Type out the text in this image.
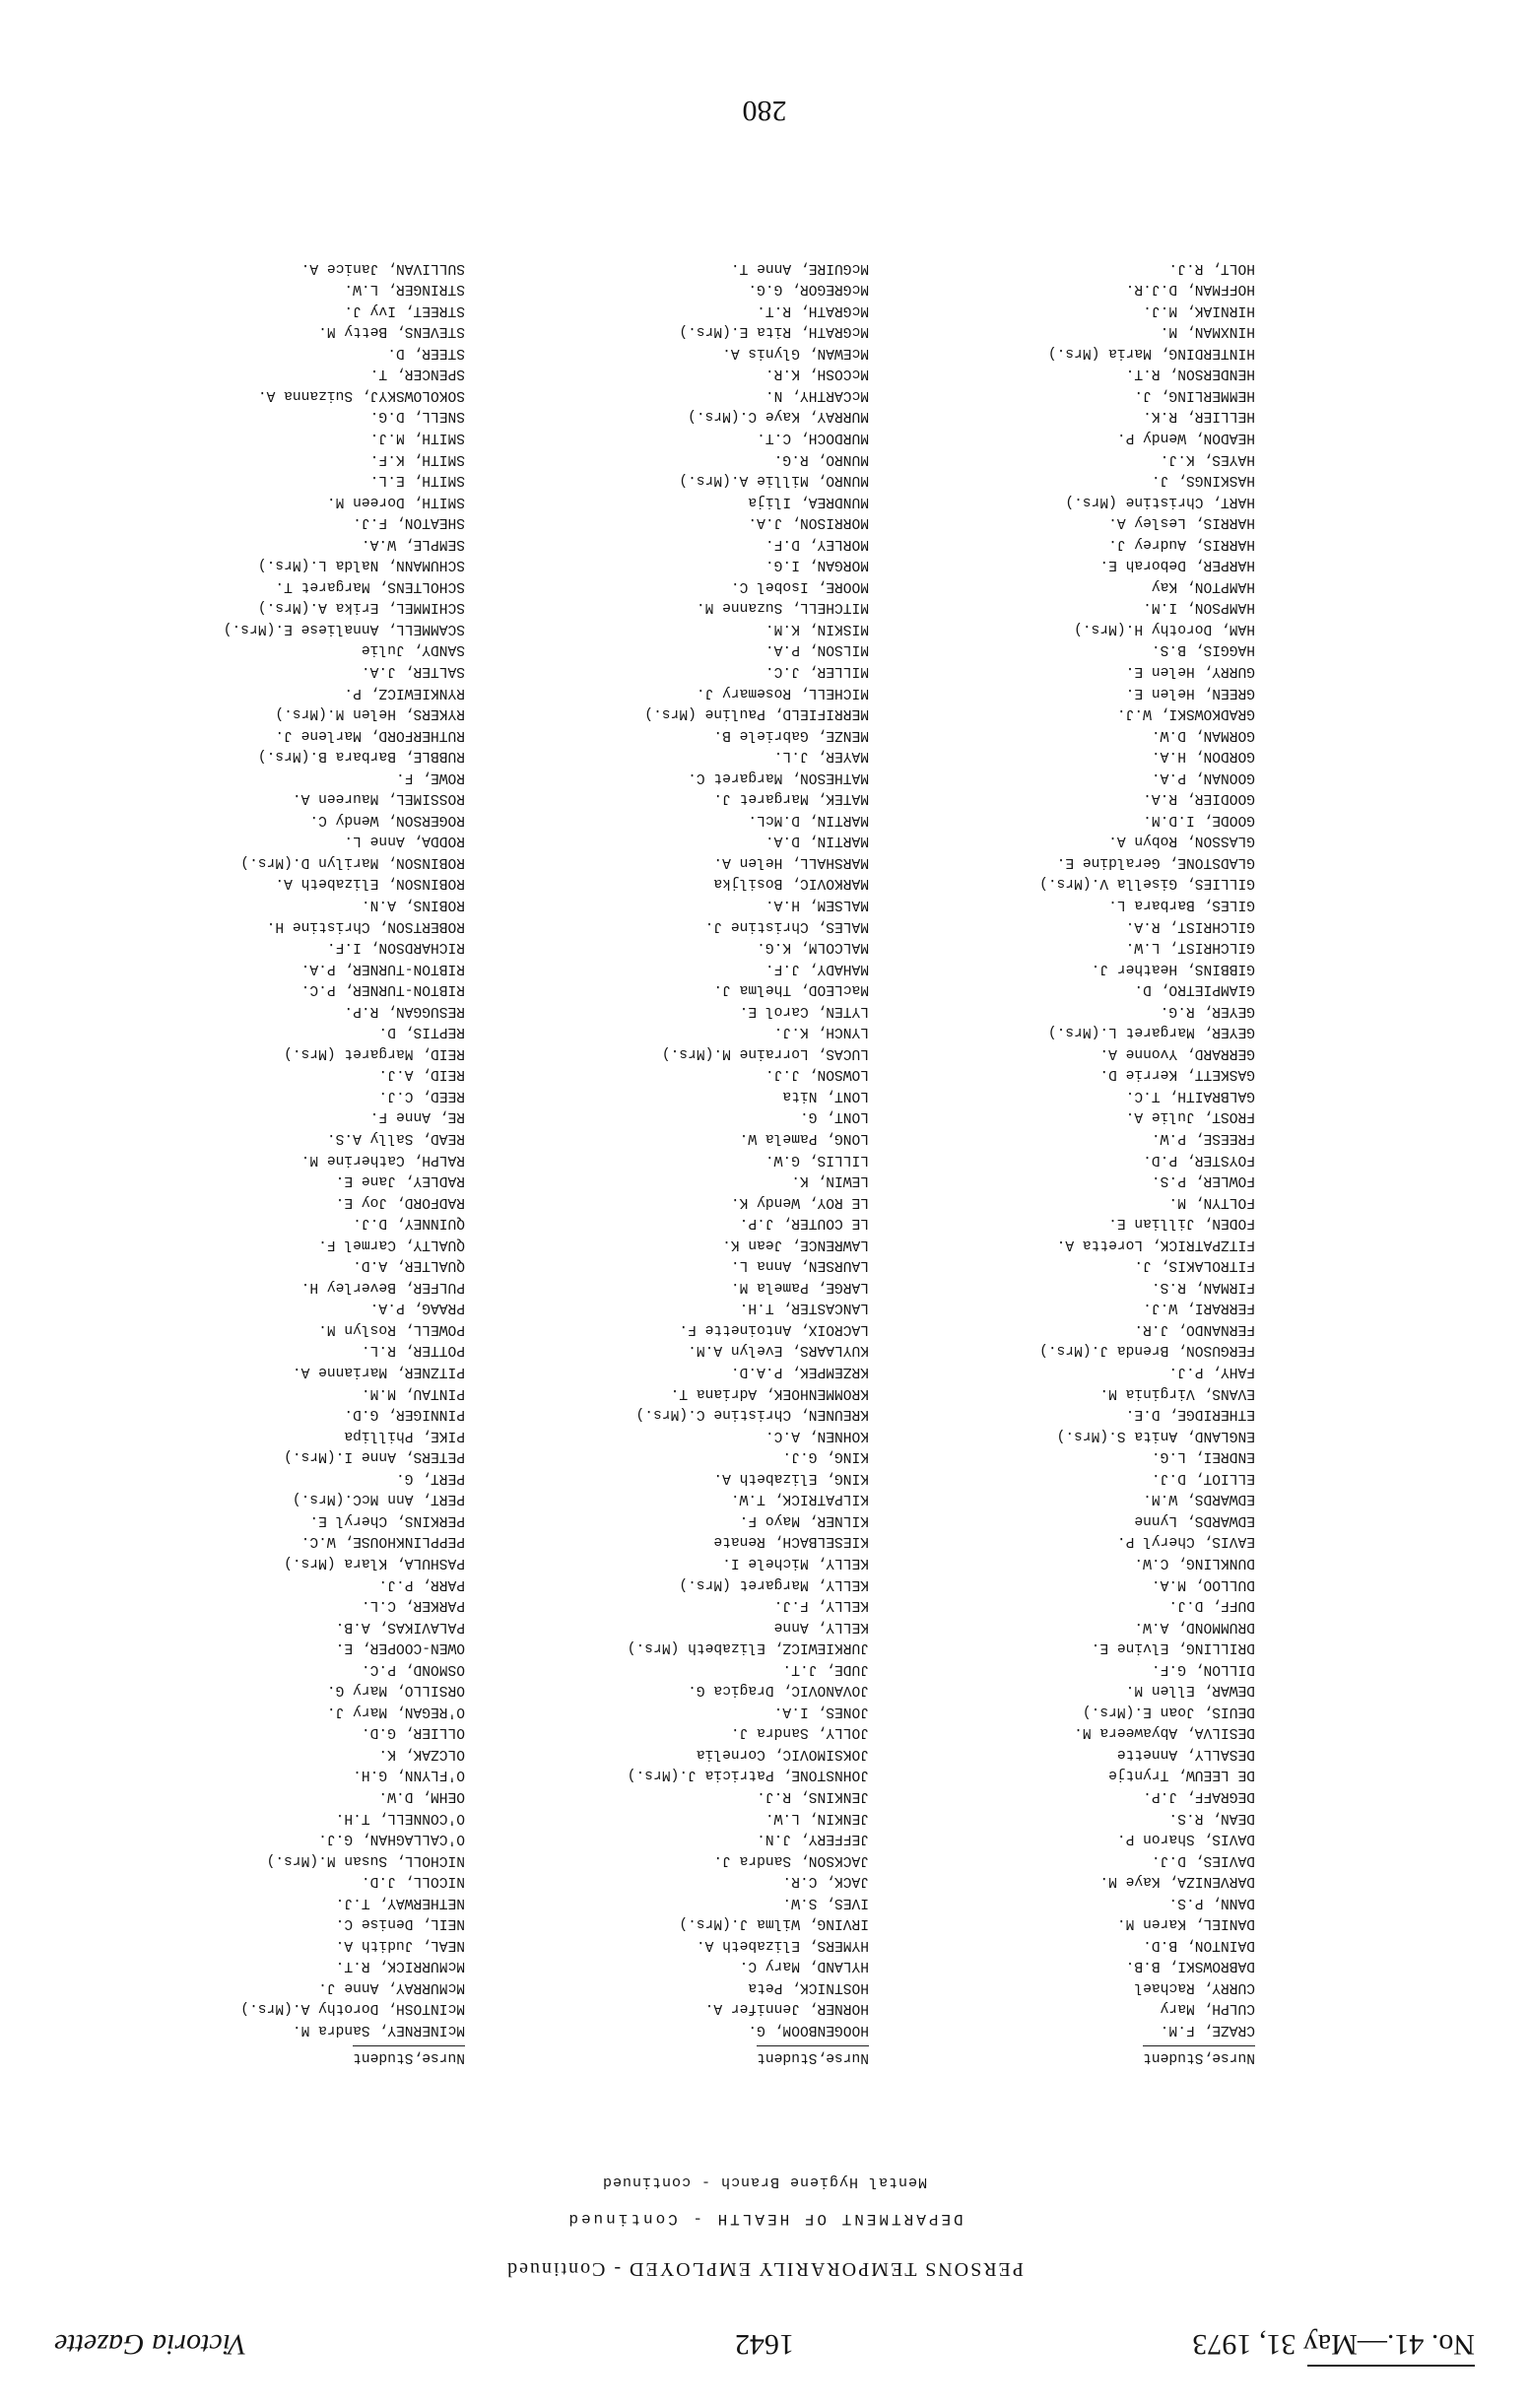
No. 41.—May 31, 1973
1642
Victoria Gazette
PERSONS TEMPORARILY EMPLOYED - Continued
DEPARTMENT OF HEALTH - Continued
Mental Hygiene Branch - continued
Nurse,Student
CRAZE, F.M.
CULPH, Mary
CURRY, Rachael
DABROWSKI, B.B.
DAINTON, B.D.
DANIEL, Karen M.
DANN, P.S.
DARVENIZA, Kaye M.
DAVIES, D.J.
DAVIS, Sharon P.
DEAN, R.S.
DEGRAFF, J.P.
DE LEEUW, Tryntje
DESALLY, Annette
DESILVA, Abyaweera M.
DEUIS, Joan E.(Mrs.)
DEWAR, Ellen M.
DILLON, G.F.
DRILLING, Elvine E.
DRUMMOND, A.W.
DUFF, D.J.
DULLOO, M.A.
DUNKLING, C.W.
EAVIS, Cheryl P.
EDWARDS, Lynne
EDWARDS, W.M.
ELLIOT, D.J.
ENDREI, L.G.
ENGLAND, Anita S.(Mrs.)
ETHERIDGE, D.E.
EVANS, Virginia M.
FAHY, P.J.
FERGUSON, Brenda J.(Mrs.)
FERNANDO, J.R.
FERRARI, W.J.
FIRMAN, R.S.
FITROLAKIS, J.
FITZPATRICK, Loretta A.
FODEN, Jillian E.
FOLTYN, M.
FOWLER, P.S.
FOYSTER, P.D.
FREESE, P.W.
FROST, Julie A.
GALBRAITH, T.C.
GASKETT, Kerrie D.
GERRARD, Yvonne A.
GEYER, Margaret L.(Mrs.)
GEYER, R.G.
GIAMPIETRO, D.
GIBBINS, Heather J.
GILCHRIST, L.W.
GILCHRIST, R.A.
GILES, Barbara L.
GILLIES, Gisella V.(Mrs.)
GLADSTONE, Geraldine E.
GLASSON, Robyn A.
GOODE, I.D.M.
GOODIER, R.A.
GOONAN, P.A.
GORDON, H.A.
GORMAN, D.W.
GRADKOWSKI, W.J.
GREEN, Helen E.
GURRY, Helen E.
HAGGIS, B.S.
HAM, Dorothy H.(Mrs.)
HAMPSON, I.M.
HAMPTON, Kay
HARPER, Deborah E.
HARRIS, Audrey J.
HARRIS, Lesley A.
HART, Christine (Mrs.)
HASKINGS, J.
HAYES, K.J.
HEADON, Wendy P.
HELLIER, R.K.
HEMMERLING, J.
HENDERSON, R.T.
HINTERDING, Maria (Mrs.)
HINXMAN, M.
HIRNIAK, M.J.
HOFFMAN, D.J.R.
HOLT, R.J.
Nurse,Student
HOOGENBOOM, G.
HORNER, Jennifer A.
HOSTNICK, Peta
HYLAND, Mary C.
HYMERS, Elizabeth A.
IRVING, Wilma J.(Mrs.)
IVES, S.W.
JACK, C.R.
JACKSON, Sandra J.
JEFFERY, J.N.
JENKIN, L.W.
JENKINS, R.J.
JOHNSTONE, Patricia J.(Mrs.)
JOKSIMOVIC, Cornelia
JOLLY, Sandra J.
JONES, I.A.
JOVANOVIC, Dragica G.
JUDE, J.T.
JURKIEWICZ, Elizabeth (Mrs.)
KELLY, Anne
KELLY, F.J.
KELLY, Margaret (Mrs.)
KELLY, Michele I.
KIESELBACH, Renate
KILNER, Mayo F.
KILPATRICK, T.W.
KING, Elizabeth A.
KING, G.J.
KOHNEN, A.C.
KREUNEN, Christine C.(Mrs.)
KROMMENHOEK, Adriana T.
KRZEMPEK, P.A.D.
KUYLAARS, Evelyn A.M.
LACROIX, Antoinette F.
LANCASTER, T.H.
LARGE, Pamela M.
LAURSEN, Anna L.
LAWRENCE, Jean K.
LE COUTER, J.P.
LE ROY, Wendy K.
LEWIN, K.
LILLIS, G.W.
LONG, Pamela W.
LONT, G.
LONT, Nita
LOWSON, J.J.
LUCAS, Lorraine M.(Mrs.)
LYNCH, K.J.
LYTEN, Carol E.
MacLEOD, Thelma J.
MAHADY, J.F.
MALCOLM, K.G.
MALES, Christine J.
MALSEM, H.A.
MARKOVIC, Bosiljka
MARSHALL, Helen A.
MARTIN, D.A.
MARTIN, D.McL.
MATEK, Margaret J.
MATHESON, Margaret C.
MAYER, J.L.
MENZE, Gabriele B.
MERRIFIELD, Pauline (Mrs.)
MICHELL, Rosemary J.
MILLER, J.C.
MILSON, P.A.
MISKIN, K.M.
MITCHELL, Suzanne M.
MOORE, Isobel C.
MORGAN, I.G.
MORLEY, D.F.
MORRISON, J.A.
MUNDREA, Ilija
MUNRO, Millie A.(Mrs.)
MUNRO, R.G.
MURDOCH, C.T.
MURRAY, Kaye C.(Mrs.)
McCARTHY, N.
McCOSH, K.R.
McEWAN, Glynis A.
McGRATH, Rita E.(Mrs.)
McGRATH, R.T.
McGREGOR, G.G.
McGUIRE, Anne T.
Nurse,Student
McINERNEY, Sandra M.
McINTOSH, Dorothy A.(Mrs.)
McMURRAY, Anne J.
McMURRICK, R.T.
NEAL, Judith A.
NEIL, Denise C.
NETHERWAY, T.J.
NICOLL, J.D.
NICHOLL, Susan M.(Mrs.)
O'CALLAGHAN, G.J.
O'CONNELL, T.H.
OEHM, D.W.
O'FLYNN, G.H.
OLCZAK, K.
OLLIER, G.D.
O'REGAN, Mary J.
ORSILLO, Mary G.
OSMOND, P.C.
OWEN-COOPER, E.
PALAVIKAS, A.B.
PARKER, C.L.
PARR, P.J.
PASHULA, Klara (Mrs.)
PEPPLINKHOUSE, W.C.
PERKINS, Cheryl E.
PERT, Ann McC.(Mrs.)
PERT, G.
PETERS, Anne I.(Mrs.)
PIKE, Phillipa
PINNIGER, G.D.
PINTAU, M.M.
PITZNER, Marianne A.
POTTER, R.L.
POWELL, Roslyn M.
PRAAG, P.A.
PULFER, Beverley H.
QUALTER, A.D.
QUALTY, Carmel F.
QUINNEY, D.J.
RADFORD, Joy E.
RADLEY, Jane E.
RALPH, Catherine M.
READ, Sally A.S.
RE, Anne F.
REED, C.J.
REID, A.J.
REID, Margaret (Mrs.)
REPTIS, D.
RESUGGAN, R.P.
RIBTON-TURNER, P.C.
RIBTON-TURNER, P.A.
RICHARDSON, I.F.
ROBERTSON, Christine H.
ROBINS, A.N.
ROBINSON, Elizabeth A.
ROBINSON, Marilyn D.(Mrs.)
RODDA, Anne L.
ROGERSON, Wendy C.
ROSSIMEL, Maureen A.
ROWE, F.
RUBBLE, Barbara B.(Mrs.)
RUTHERFORD, Marlene J.
RYKERS, Helen M.(Mrs.)
RYNKIEWICZ, P.
SALTER, J.A.
SANDY, Julie
SCAMMELL, Annaliese E.(Mrs.)
SCHIMMEL, Erika A.(Mrs.)
SCHOLTENS, Margaret T.
SCHUMANN, Nalda L.(Mrs.)
SEMPLE, W.A.
SHEATON, F.J.
SMITH, Doreen M.
SMITH, E.L.
SMITH, K.F.
SMITH, M.J.
SNELL, D.G.
SOKOLOWSKYJ, Suizanna A.
SPENCER, T.
STEER, D.
STEVENS, Betty M.
STREET, Ivy J.
STRINGER, L.W.
SULLIVAN, Janice A.
280
